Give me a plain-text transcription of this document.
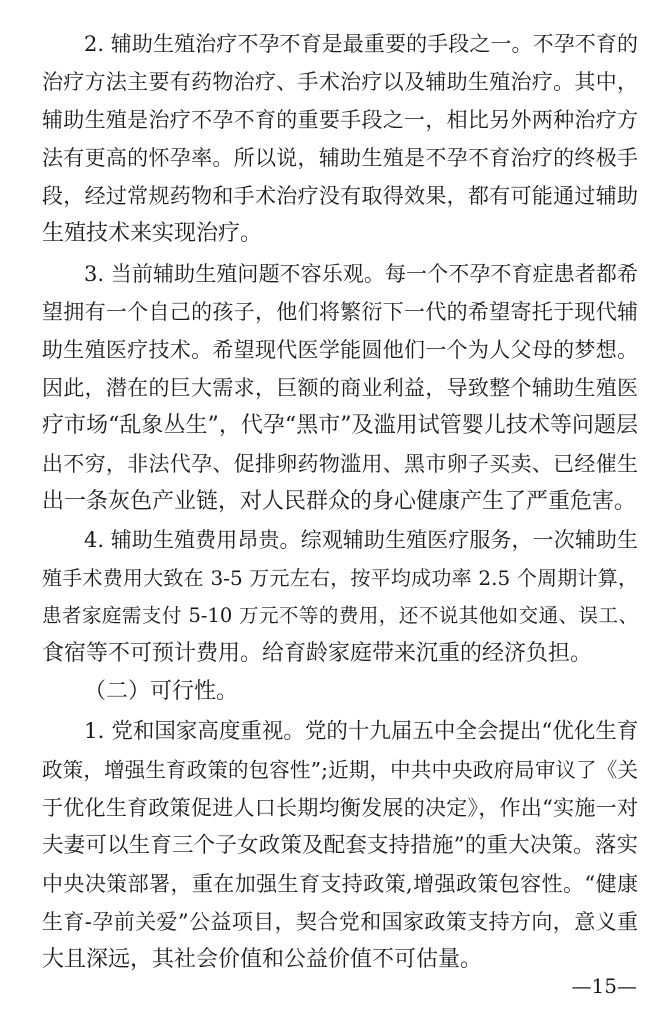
2. 辅助生殖治疗不孕不育是最重要的手段之一。不孕不育的
治疗方法主要有药物治疗、手术治疗以及辅助生殖治疗。其中，
辅助生殖是治疗不孕不育的重要手段之一，相比另外两种治疗方
法有更高的怀孕率。所以说，辅助生殖是不孕不育治疗的终极手
段，经过常规药物和手术治疗没有取得效果，都有可能通过辅助
生殖技术来实现治疗。
3. 当前辅助生殖问题不容乐观。每一个不孕不育症患者都希
望拥有一个自己的孩子，他们将繁衍下一代的希望寄托于现代辅
助生殖医疗技术。希望现代医学能圆他们一个为人父母的梦想。
因此，潜在的巨大需求，巨额的商业利益，导致整个辅助生殖医
疗市场“乱象丛生”，代孕“黑市”及滥用试管婴儿技术等问题层
出不穷，非法代孕、促排卵药物滥用、黑市卵子买卖、已经催生
出一条灰色产业链，对人民群众的身心健康产生了严重危害。
4. 辅助生殖费用昂贵。综观辅助生殖医疗服务，一次辅助生
殖手术费用大致在 3-5 万元左右，按平均成功率 2.5 个周期计算，
患者家庭需支付 5-10 万元不等的费用，还不说其他如交通、误工、
食宿等不可预计费用。给育龄家庭带来沉重的经济负担。
（二）可行性。
1. 党和国家高度重视。党的十九届五中全会提出“优化生育
政策，增强生育政策的包容性”;近期，中共中央政府局审议了《关
于优化生育政策促进人口长期均衡发展的决定》，作出“实施一对
夫妻可以生育三个子女政策及配套支持措施”的重大决策。落实
中央决策部署，重在加强生育支持政策,增强政策包容性。“健康
生育-孕前关爱”公益项目，契合党和国家政策支持方向，意义重
大且深远，其社会价值和公益价值不可估量。
—15—
